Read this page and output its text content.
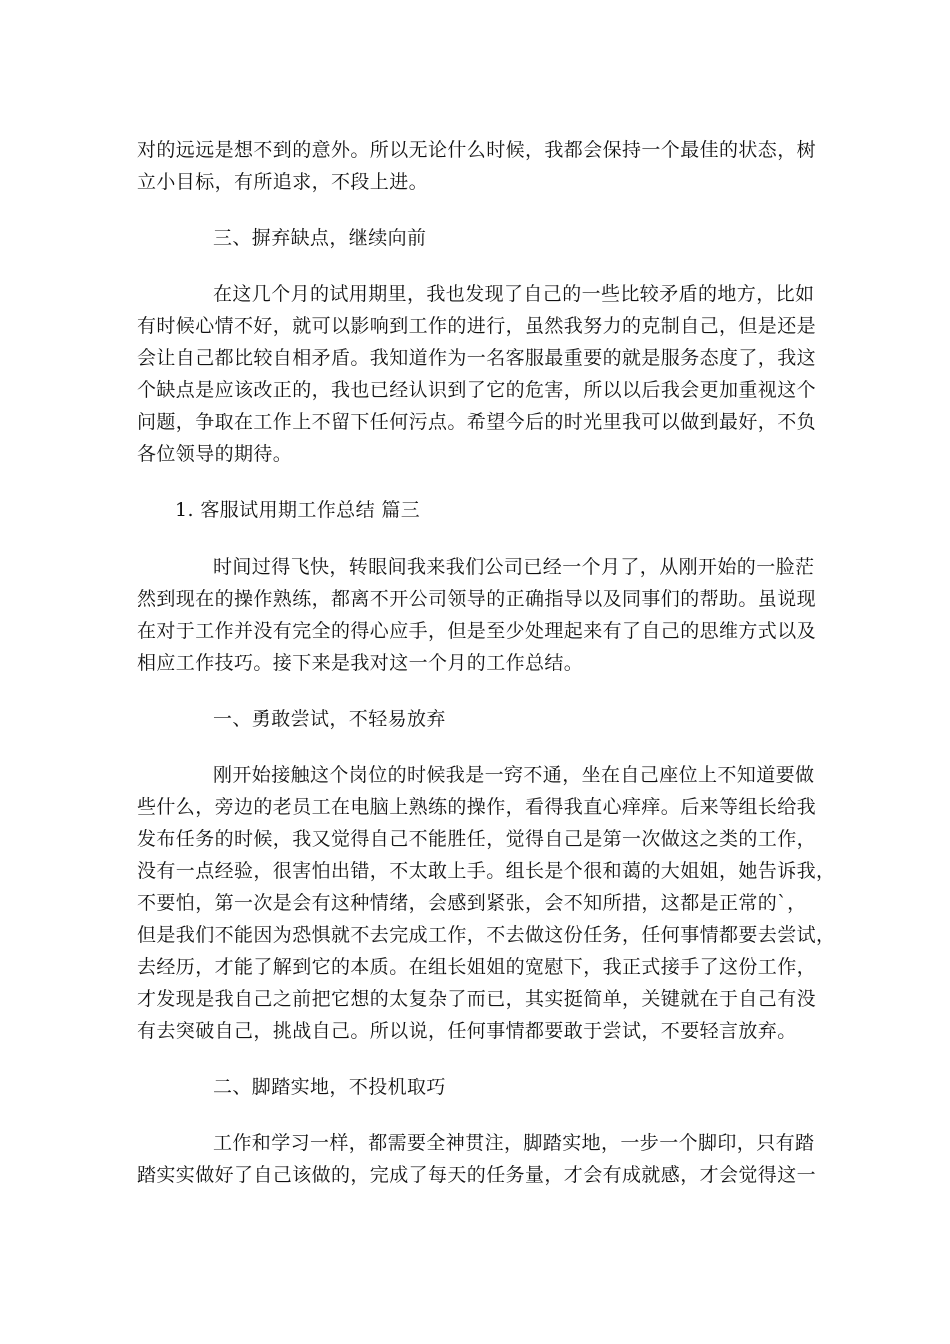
对的远远是想不到的意外。所以无论什么时候，我都会保持一个最佳的状态，树
立小目标，有所追求，不段上进。
三、摒弃缺点，继续向前
在这几个月的试用期里，我也发现了自己的一些比较矛盾的地方，比如
有时候心情不好，就可以影响到工作的进行，虽然我努力的克制自己，但是还是
会让自己都比较自相矛盾。我知道作为一名客服最重要的就是服务态度了，我这
个缺点是应该改正的，我也已经认识到了它的危害，所以以后我会更加重视这个
问题，争取在工作上不留下任何污点。希望今后的时光里我可以做到最好，不负
各位领导的期待。
1. 客服试用期工作总结 篇三
时间过得飞快，转眼间我来我们公司已经一个月了，从刚开始的一脸茫
然到现在的操作熟练，都离不开公司领导的正确指导以及同事们的帮助。虽说现
在对于工作并没有完全的得心应手，但是至少处理起来有了自己的思维方式以及
相应工作技巧。接下来是我对这一个月的工作总结。
一、勇敢尝试，不轻易放弃
刚开始接触这个岗位的时候我是一窍不通，坐在自己座位上不知道要做
些什么，旁边的老员工在电脑上熟练的操作，看得我直心痒痒。后来等组长给我
发布任务的时候，我又觉得自己不能胜任，觉得自己是第一次做这之类的工作，
没有一点经验，很害怕出错，不太敢上手。组长是个很和蔼的大姐姐，她告诉我，
不要怕，第一次是会有这种情绪，会感到紧张，会不知所措，这都是正常的`，
但是我们不能因为恐惧就不去完成工作，不去做这份任务，任何事情都要去尝试，
去经历，才能了解到它的本质。在组长姐姐的宽慰下，我正式接手了这份工作，
才发现是我自己之前把它想的太复杂了而已，其实挺简单，关键就在于自己有没
有去突破自己，挑战自己。所以说，任何事情都要敢于尝试，不要轻言放弃。
二、脚踏实地，不投机取巧
工作和学习一样，都需要全神贯注，脚踏实地，一步一个脚印，只有踏
踏实实做好了自己该做的，完成了每天的任务量，才会有成就感，才会觉得这一
